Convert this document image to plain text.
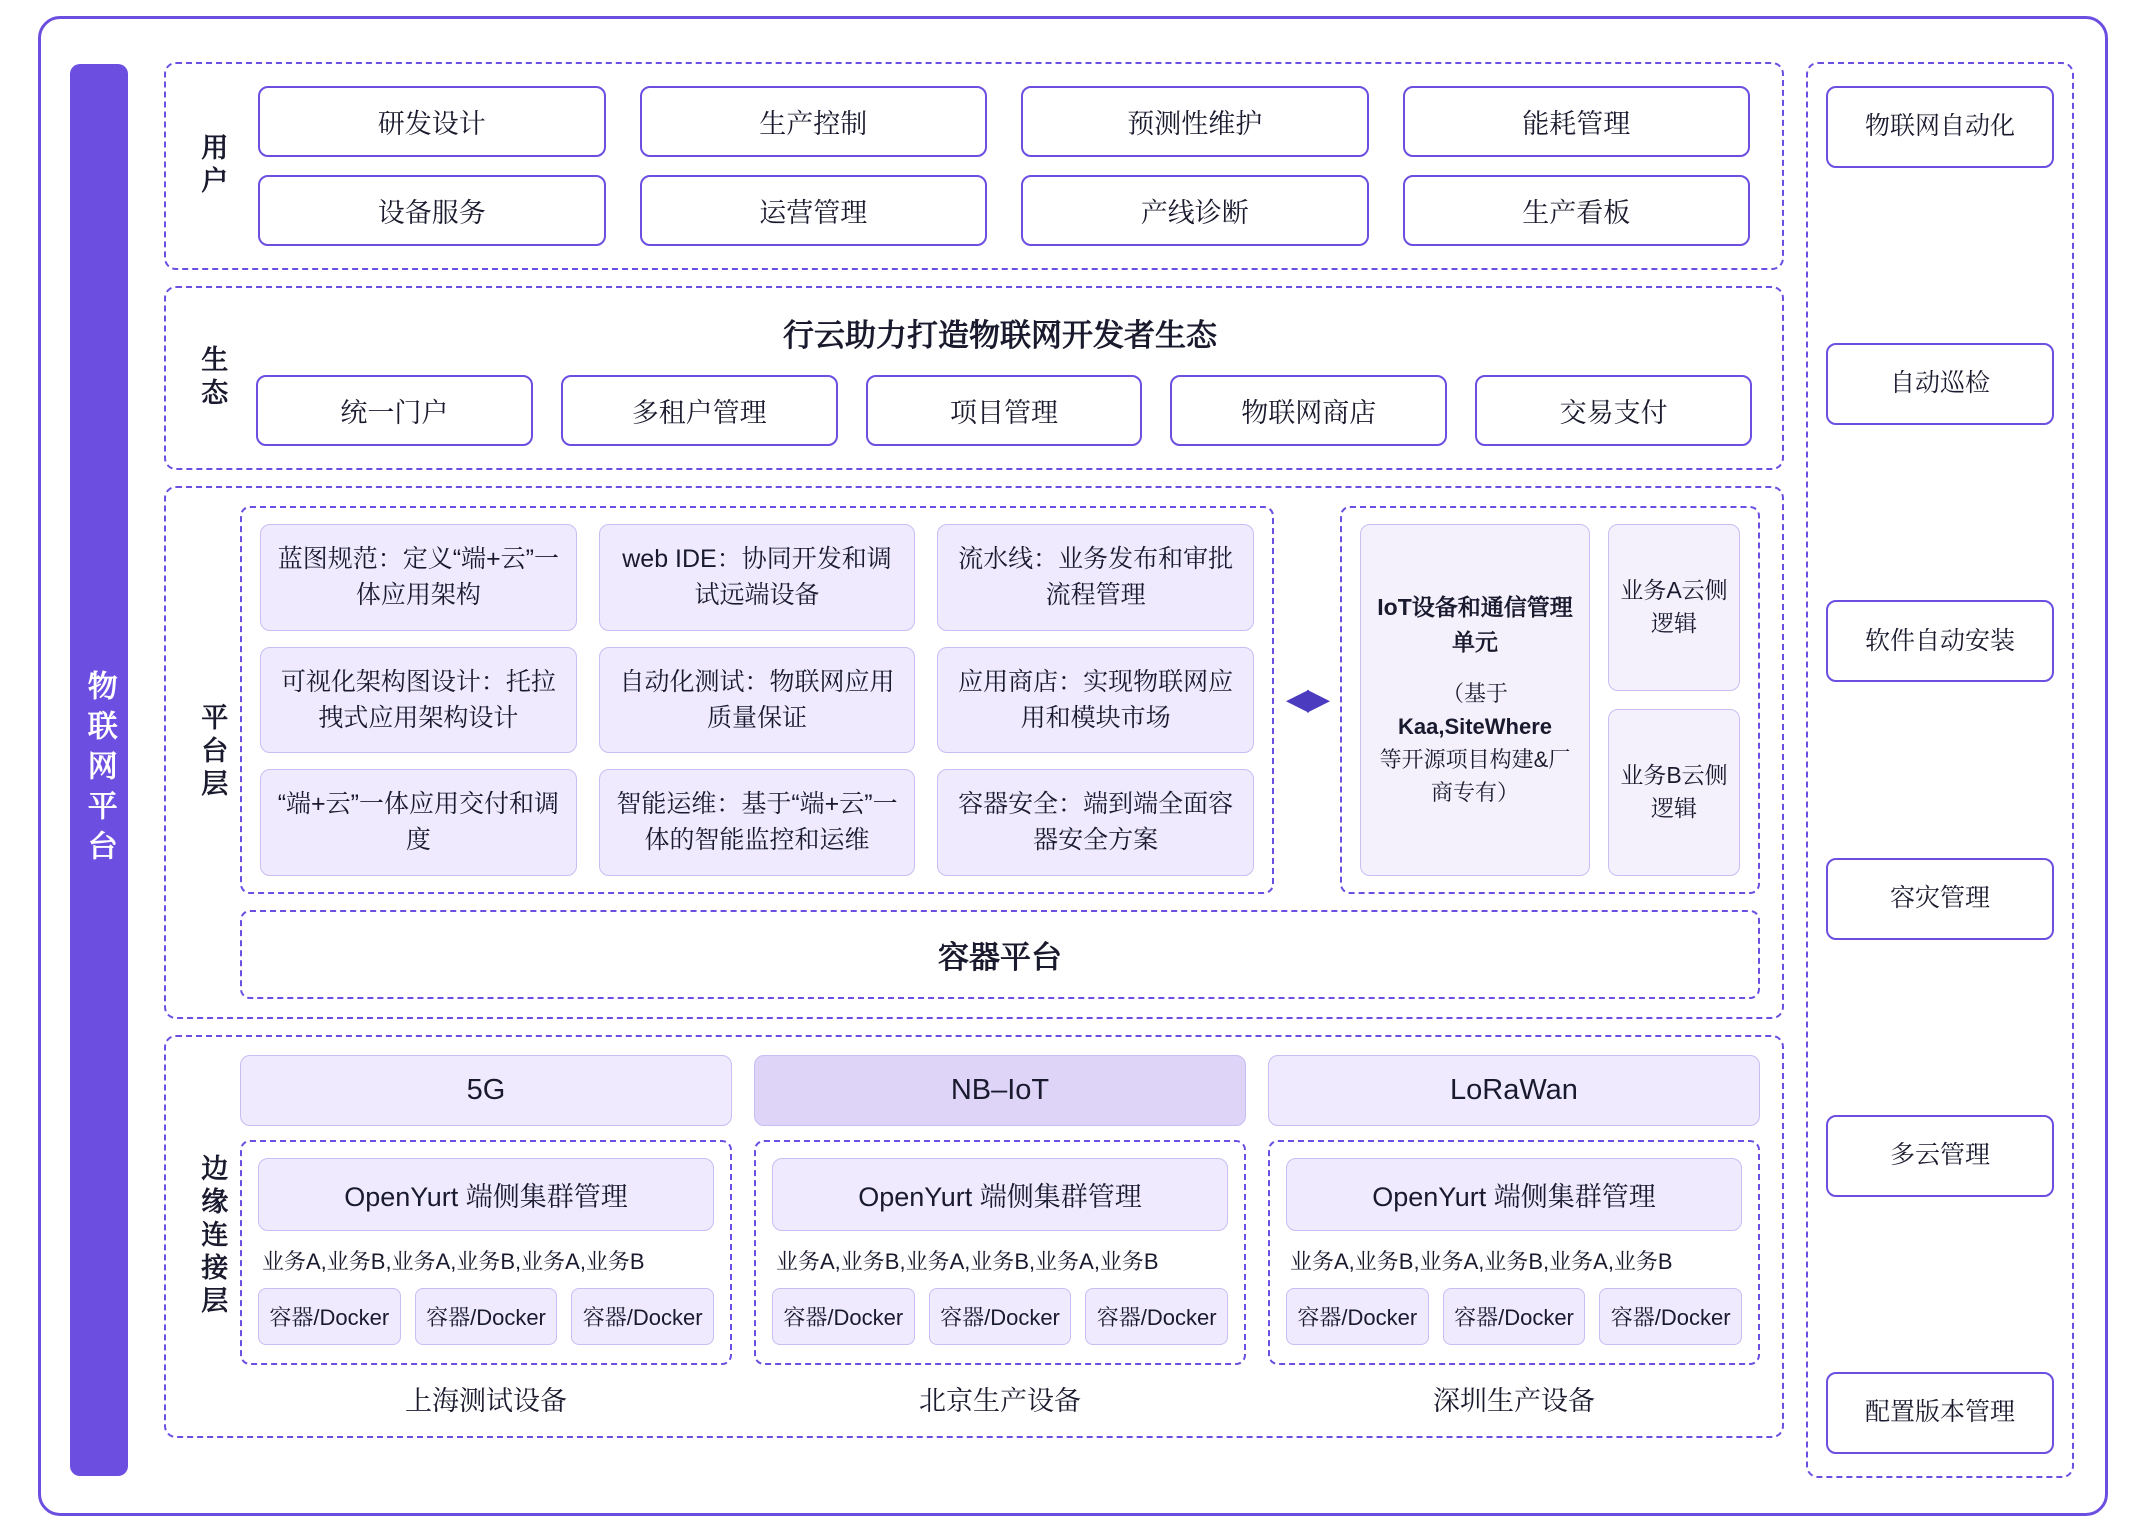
物联网平台
用户
研发设计	生产控制	预测性维护	能耗管理
设备服务	运营管理	产线诊断	生产看板
生态
行云助力打造物联网开发者生态
统一门户	多租户管理	项目管理	物联网商店	交易支付
平台层
蓝图规范：定义“端+云”一体应用架构
web IDE：协同开发和调试远端设备
流水线：业务发布和审批流程管理
可视化架构图设计：托拉拽式应用架构设计
自动化测试：物联网应用质量保证
应用商店：实现物联网应用和模块市场
“端+云”一体应用交付和调度
智能运维：基于“端+云”一体的智能监控和运维
容器安全：端到端全面容器安全方案
◀▶
IoT设备和通信管理单元
（基于
Kaa,SiteWhere
等开源项目构建&厂商专有）
业务A云侧逻辑
业务B云侧逻辑
容器平台
边缘连接层
5G	NB–IoT	LoRaWan
OpenYurt 端侧集群管理
业务A,业务B,业务A,业务B,业务A,业务B
容器/Docker	容器/Docker	容器/Docker
上海测试设备
OpenYurt 端侧集群管理
业务A,业务B,业务A,业务B,业务A,业务B
容器/Docker	容器/Docker	容器/Docker
北京生产设备
OpenYurt 端侧集群管理
业务A,业务B,业务A,业务B,业务A,业务B
容器/Docker	容器/Docker	容器/Docker
深圳生产设备
物联网自动化
自动巡检
软件自动安装
容灾管理
多云管理
配置版本管理
